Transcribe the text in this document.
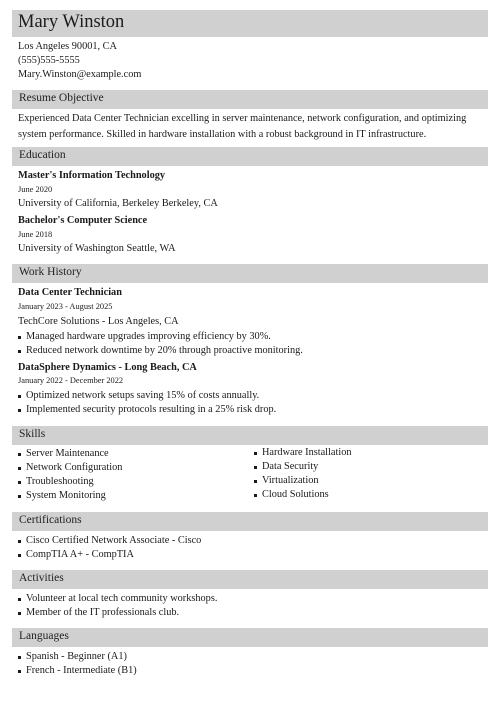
Mary Winston
Los Angeles 90001, CA
(555)555-5555
Mary.Winston@example.com
Resume Objective
Experienced Data Center Technician excelling in server maintenance, network configuration, and optimizing system performance. Skilled in hardware installation with a robust background in IT infrastructure.
Education
Master's Information Technology
June 2020
University of California, Berkeley Berkeley, CA
Bachelor's Computer Science
June 2018
University of Washington Seattle, WA
Work History
Data Center Technician
January 2023 - August 2025
TechCore Solutions - Los Angeles, CA
Managed hardware upgrades improving efficiency by 30%.
Reduced network downtime by 20% through proactive monitoring.
DataSphere Dynamics - Long Beach, CA
January 2022 - December 2022
Optimized network setups saving 15% of costs annually.
Implemented security protocols resulting in a 25% risk drop.
Skills
Server Maintenance
Network Configuration
Troubleshooting
System Monitoring
Hardware Installation
Data Security
Virtualization
Cloud Solutions
Certifications
Cisco Certified Network Associate - Cisco
CompTIA A+ - CompTIA
Activities
Volunteer at local tech community workshops.
Member of the IT professionals club.
Languages
Spanish - Beginner (A1)
French - Intermediate (B1)
